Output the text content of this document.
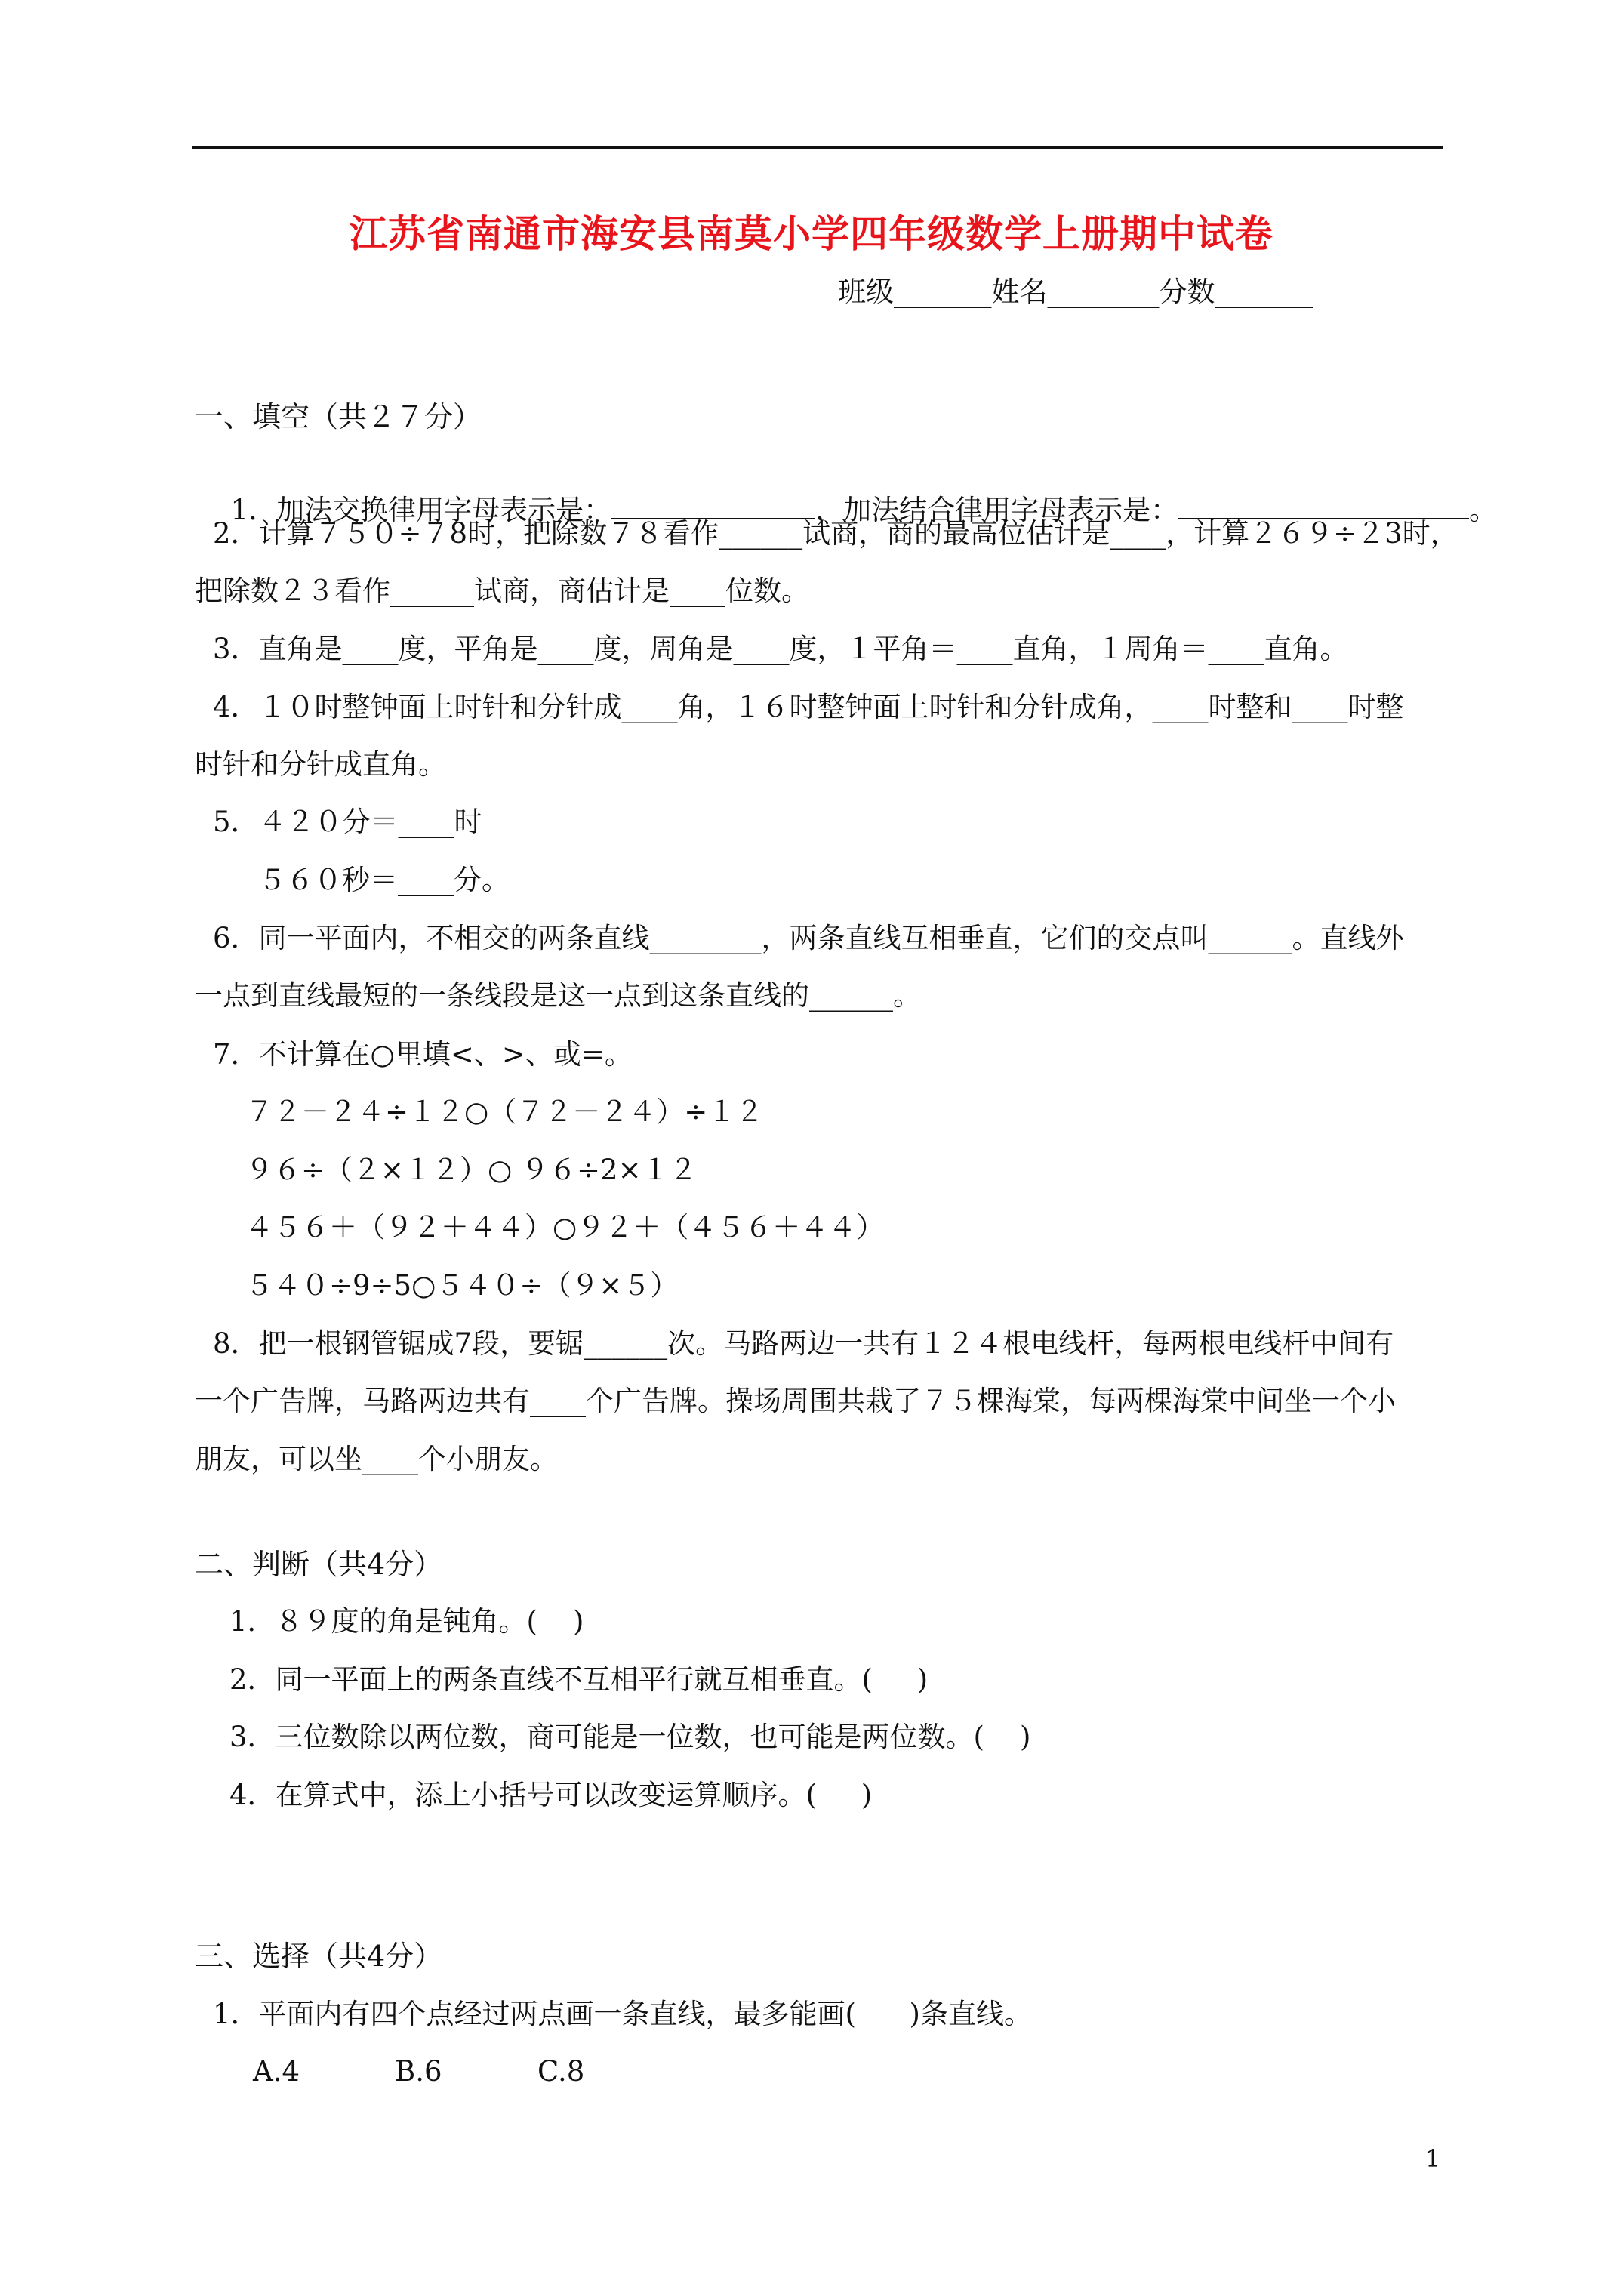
江苏省南通市海安县南莫小学四年级数学上册期中试卷
班级_______姓名________分数_______
一、填空（共２７分）

1．加法交换律用字母表示是：	，加法结合律用字母表示是：	。

2．计算７５０÷７8时，把除数７８看作______试商，商的最高位估计是____，计算２６９÷２3时，
把除数２３看作______试商，商估计是____位数。
3．直角是____度，平角是____度，周角是____度，１平角＝____直角，１周角＝____直角。
4．１０时整钟面上时针和分针成____角，１６时整钟面上时针和分针成角，____时整和____时整
时针和分针成直角。
5．４２０分＝____时
５６０秒＝____分。
6．同一平面内，不相交的两条直线________，两条直线互相垂直，它们的交点叫______。直线外
一点到直线最短的一条线段是这一点到这条直线的______。
7．不计算在○里填<、>、或=。
７２－２４÷１２○（７２－２４）÷１２
９６÷（２×１２）○ ９６÷2×１２
４５６＋（９２＋４４）○９２＋（４５６＋４４）
５４０÷9÷5○５４０÷（９×５）
8．把一根钢管锯成7段，要锯______次。马路两边一共有１２４根电线杆，每两根电线杆中间有
一个广告牌，马路两边共有____个广告牌。操场周围共栽了７５棵海棠，每两棵海棠中间坐一个小
朋友，可以坐____个小朋友。
二、判断（共4分）
1．８９度的角是钝角。(    )
2．同一平面上的两条直线不互相平行就互相垂直。(     )
3．三位数除以两位数，商可能是一位数，也可能是两位数。(    )
4．在算式中，添上小括号可以改变运算顺序。(     )
三、选择（共4分）
1．平面内有四个点经过两点画一条直线，最多能画(      )条直线。
A.4	B.6	C.8
1
